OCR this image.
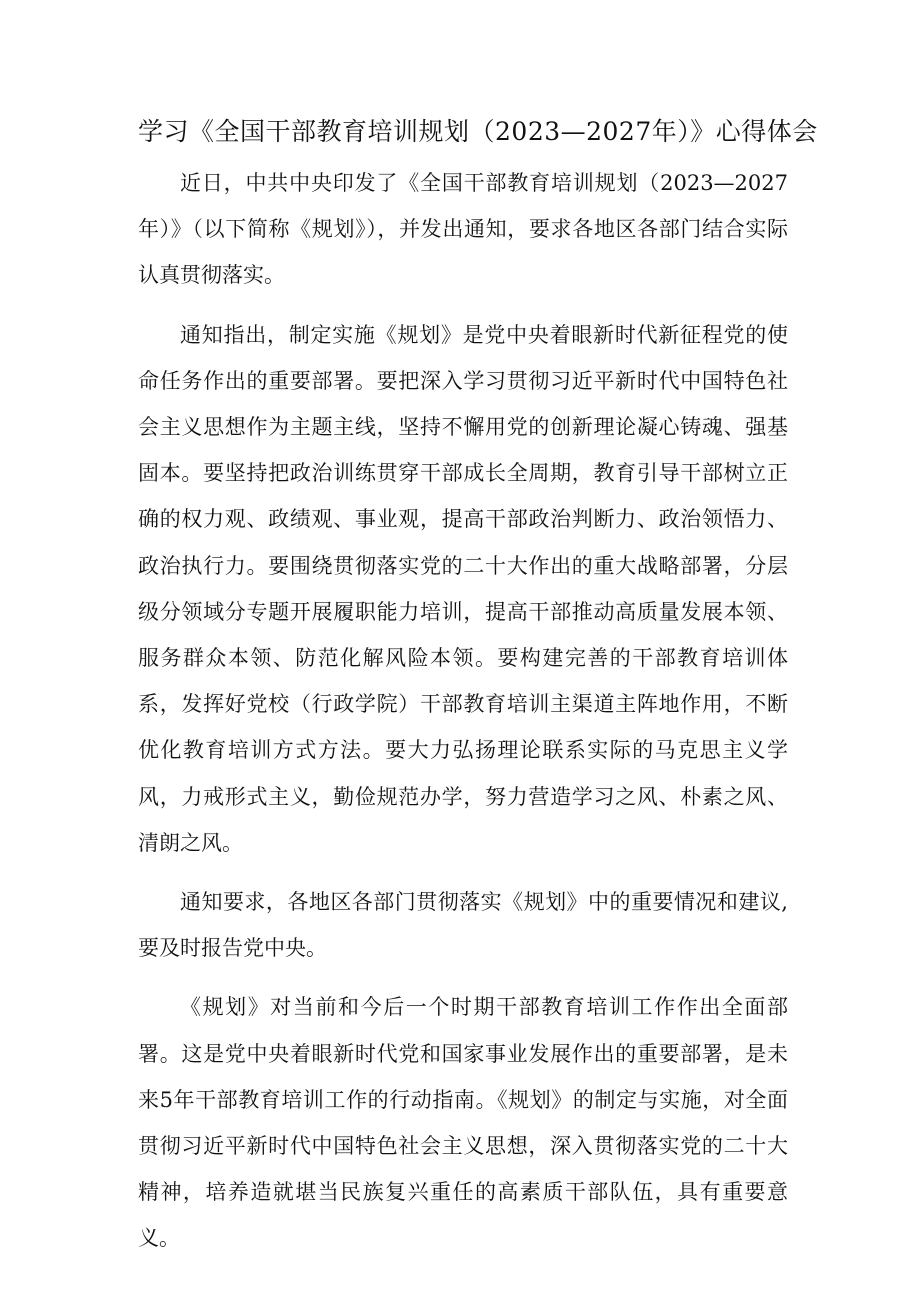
学习《全国干部教育培训规划（2023—2027年）》心得体会

近日，中共中央印发了《全国干部教育培训规划（2023—2027年）》（以下简称《规划》），并发出通知，要求各地区各部门结合实际认真贯彻落实。

通知指出，制定实施《规划》是党中央着眼新时代新征程党的使命任务作出的重要部署。要把深入学习贯彻习近平新时代中国特色社会主义思想作为主题主线，坚持不懈用党的创新理论凝心铸魂、强基固本。要坚持把政治训练贯穿干部成长全周期，教育引导干部树立正确的权力观、政绩观、事业观，提高干部政治判断力、政治领悟力、政治执行力。要围绕贯彻落实党的二十大作出的重大战略部署，分层级分领域分专题开展履职能力培训，提高干部推动高质量发展本领、服务群众本领、防范化解风险本领。要构建完善的干部教育培训体系，发挥好党校（行政学院）干部教育培训主渠道主阵地作用，不断优化教育培训方式方法。要大力弘扬理论联系实际的马克思主义学风，力戒形式主义，勤俭规范办学，努力营造学习之风、朴素之风、清朗之风。

通知要求，各地区各部门贯彻落实《规划》中的重要情况和建议,要及时报告党中央。

《规划》对当前和今后一个时期干部教育培训工作作出全面部署。这是党中央着眼新时代党和国家事业发展作出的重要部署，是未来5年干部教育培训工作的行动指南。《规划》的制定与实施，对全面贯彻习近平新时代中国特色社会主义思想，深入贯彻落实党的二十大精神，培养造就堪当民族复兴重任的高素质干部队伍，具有重要意义。
